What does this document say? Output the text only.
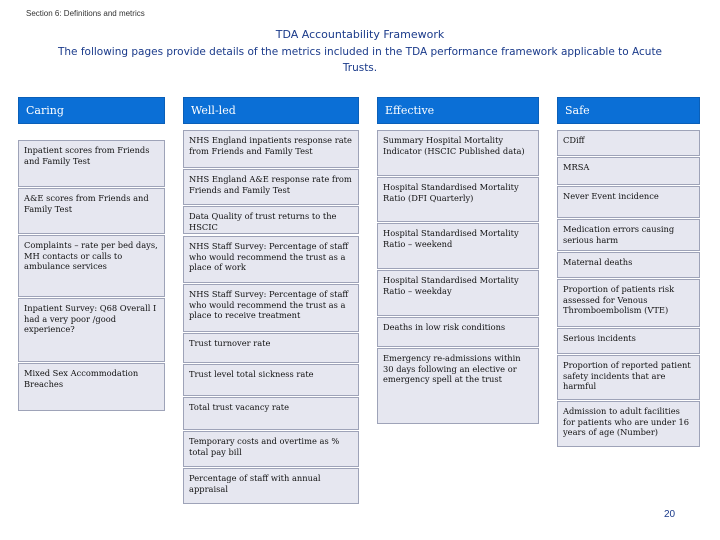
Section 6: Definitions and metrics
TDA Accountability Framework
The following pages provide details of the metrics included in the TDA performance framework applicable to Acute Trusts.
Caring
Inpatient scores from Friends and Family Test
A&E scores from Friends and Family Test
Complaints – rate per bed days, MH contacts or calls to ambulance services
Inpatient Survey: Q68 Overall I had a very poor /good experience?
Mixed Sex Accommodation Breaches
Well-led
NHS England inpatients response rate from Friends and Family Test
NHS England A&E response rate from Friends and Family Test
Data Quality of trust returns to the HSCIC
NHS Staff Survey: Percentage of staff who would recommend the trust as a place of work
NHS Staff Survey: Percentage of staff who would recommend the trust as a place to receive treatment
Trust turnover rate
Trust level total sickness rate
Total trust vacancy rate
Temporary costs and overtime as % total pay bill
Percentage of staff with annual appraisal
Effective
Summary Hospital Mortality Indicator (HSCIC Published data)
Hospital Standardised Mortality Ratio (DFI Quarterly)
Hospital Standardised Mortality Ratio – weekend
Hospital Standardised Mortality Ratio – weekday
Deaths in low risk conditions
Emergency re-admissions within 30 days following an elective or emergency spell at the trust
Safe
CDiff
MRSA
Never Event incidence
Medication errors causing serious harm
Maternal deaths
Proportion of patients risk assessed for Venous Thromboembolism (VTE)
Serious incidents
Proportion of reported patient safety incidents that are harmful
Admission to adult facilities for patients who are under 16 years of age (Number)
20
